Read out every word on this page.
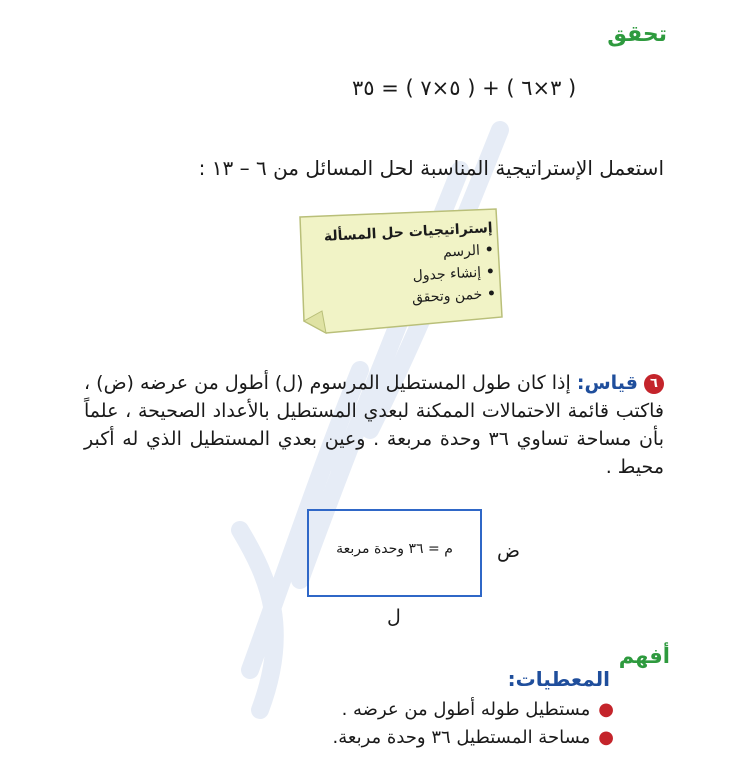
تحقق
( ٣×٦ ) + ( ٥×٧ ) = ٥٣
استعمل الإستراتيجية المناسبة لحل المسائل من ٦ – ١٣ :
إستراتيجيات حل المسألة
• الرسم
• إنشاء جدول
• خمن وتحقق
٦قياس: إذا كان طول المستطيل المرسوم (ل) أطول من عرضه (ض) ، فاكتب قائمة الاحتمالات الممكنة لبعدي المستطيل بالأعداد الصحيحة ، علماً بأن مساحة تساوي ٣٦ وحدة مربعة . وعين بعدي المستطيل الذي له أكبر محيط .
م = ٣٦ وحدة مربعة	ض
ل
أفهم
المعطيات:
●مستطيل طوله أطول من عرضه .
●مساحة المستطيل ٣٦ وحدة مربعة.
